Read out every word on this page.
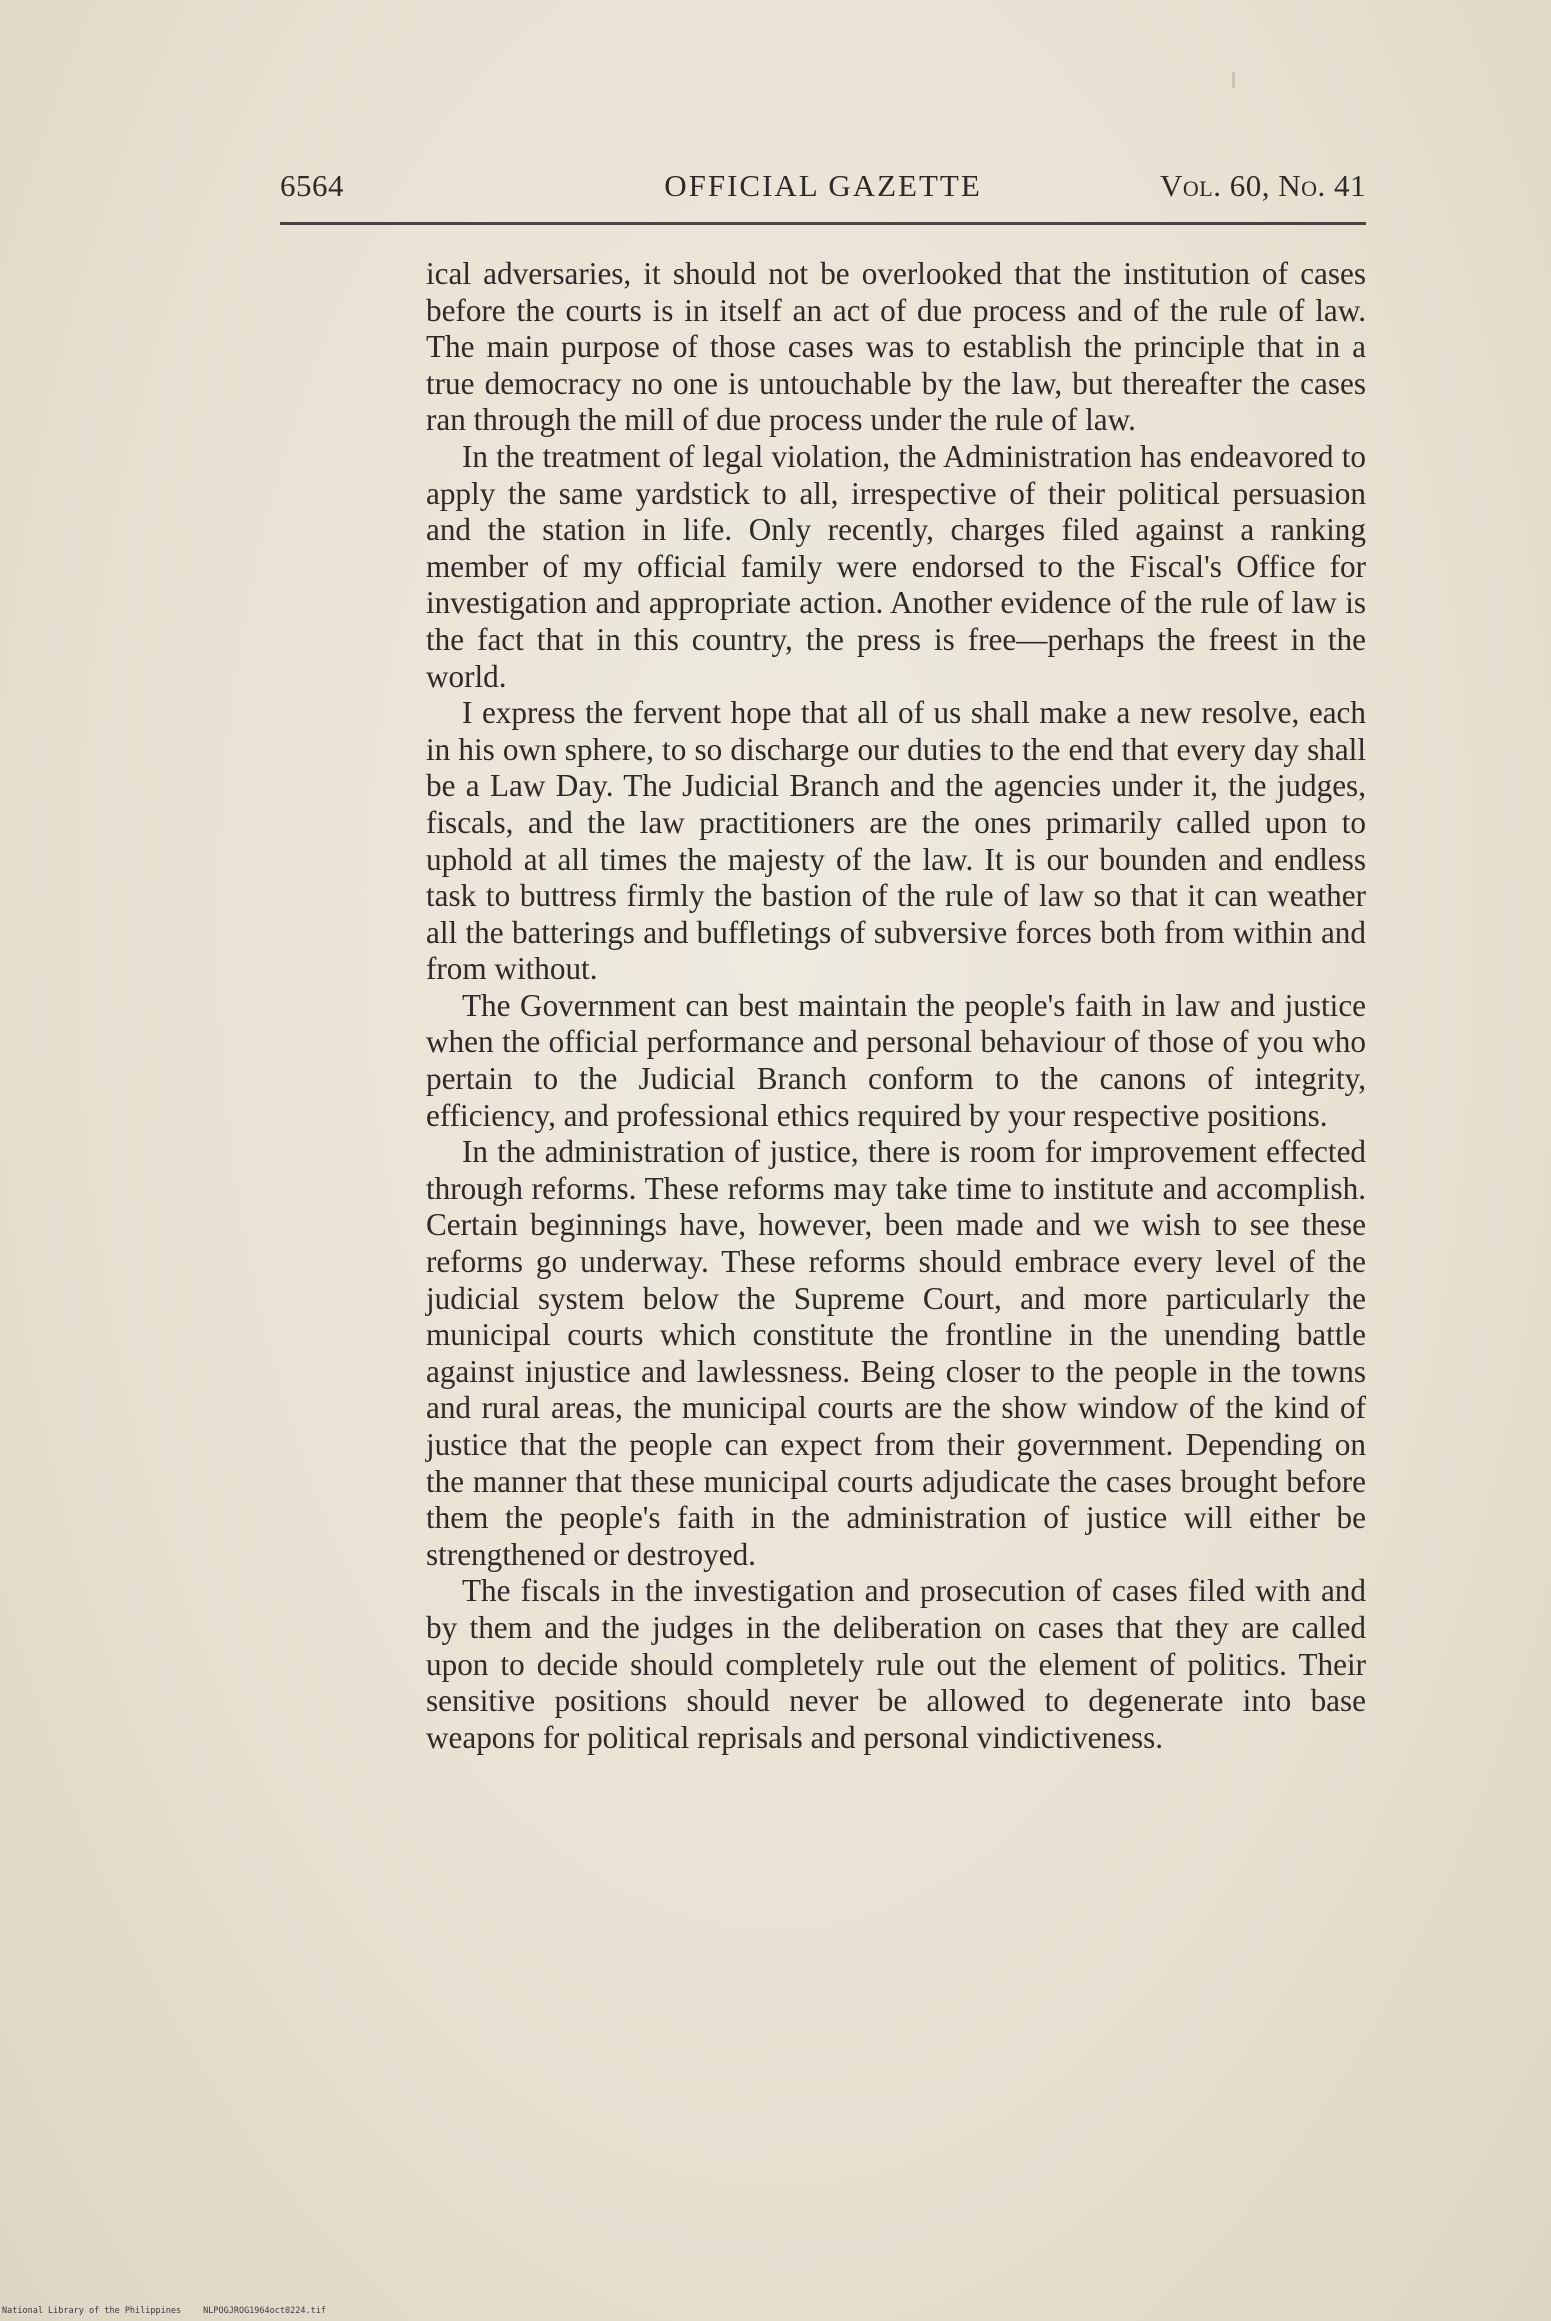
6564	OFFICIAL GAZETTE	Vol. 60, No. 41

ical adversaries, it should not be overlooked that the institution of cases before the courts is in itself an act of due process and of the rule of law. The main purpose of those cases was to establish the principle that in a true democracy no one is untouchable by the law, but thereafter the cases ran through the mill of due process under the rule of law.

In the treatment of legal violation, the Administration has endeavored to apply the same yardstick to all, irrespective of their political persuasion and the station in life. Only recently, charges filed against a ranking member of my official family were endorsed to the Fiscal's Office for investigation and appropriate action. Another evidence of the rule of law is the fact that in this country, the press is free—perhaps the freest in the world.

I express the fervent hope that all of us shall make a new resolve, each in his own sphere, to so discharge our duties to the end that every day shall be a Law Day. The Judicial Branch and the agencies under it, the judges, fiscals, and the law practitioners are the ones primarily called upon to uphold at all times the majesty of the law. It is our bounden and endless task to buttress firmly the bastion of the rule of law so that it can weather all the batterings and buffletings of subversive forces both from within and from without.

The Government can best maintain the people's faith in law and justice when the official performance and personal behaviour of those of you who pertain to the Judicial Branch conform to the canons of integrity, efficiency, and professional ethics required by your respective positions.

In the administration of justice, there is room for improvement effected through reforms. These reforms may take time to institute and accomplish. Certain beginnings have, however, been made and we wish to see these reforms go underway. These reforms should embrace every level of the judicial system below the Supreme Court, and more particularly the municipal courts which constitute the frontline in the unending battle against injustice and lawlessness. Being closer to the people in the towns and rural areas, the municipal courts are the show window of the kind of justice that the people can expect from their government. Depending on the manner that these municipal courts adjudicate the cases brought before them the people's faith in the administration of justice will either be strengthened or destroyed.

The fiscals in the investigation and prosecution of cases filed with and by them and the judges in the deliberation on cases that they are called upon to decide should completely rule out the element of politics. Their sensitive positions should never be allowed to degenerate into base weapons for political reprisals and personal vindictiveness.

National Library of the Philippines	NLPOGJROG1964oct0224.tif
